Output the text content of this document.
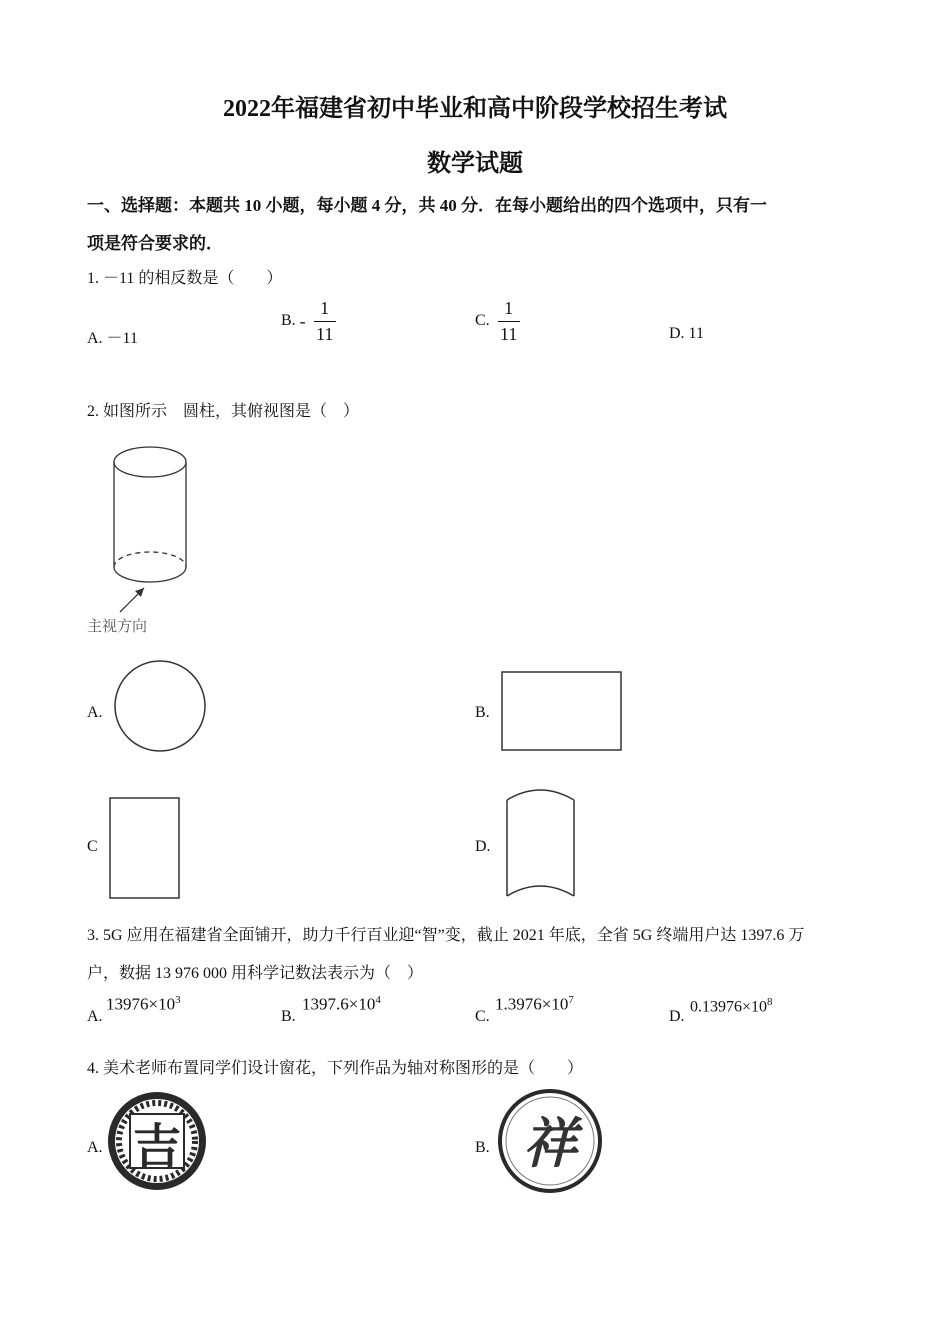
2022年福建省初中毕业和高中阶段学校招生考试
数学试题
一、选择题：本题共 10 小题，每小题 4 分，共 40 分．在每小题给出的四个选项中，只有一
项是符合要求的．
1. －11 的相反数是（　　）
A. －11
B. - $\frac{1}{11}$	C. $\frac{1}{11}$	D. 11
2. 如图所示　圆柱，其俯视图是（　）
主视方向
A.	B.
C	D.
3. 5G 应用在福建省全面铺开，助力千行百业迎“智”变，截止 2021 年底，全省 5G 终端用户达 1397.6 万
户，数据 13 976 000 用科学记数法表示为（　）
A.
$13976\times 10^3$
B.
$1397.6\times 10^4$
C.
$1.3976\times 10^7$
D.
$0.13976\times 10^8$
4. 美术老师布置同学们设计窗花，下列作品为轴对称图形的是（　　）
A. 吉	B. 祥
